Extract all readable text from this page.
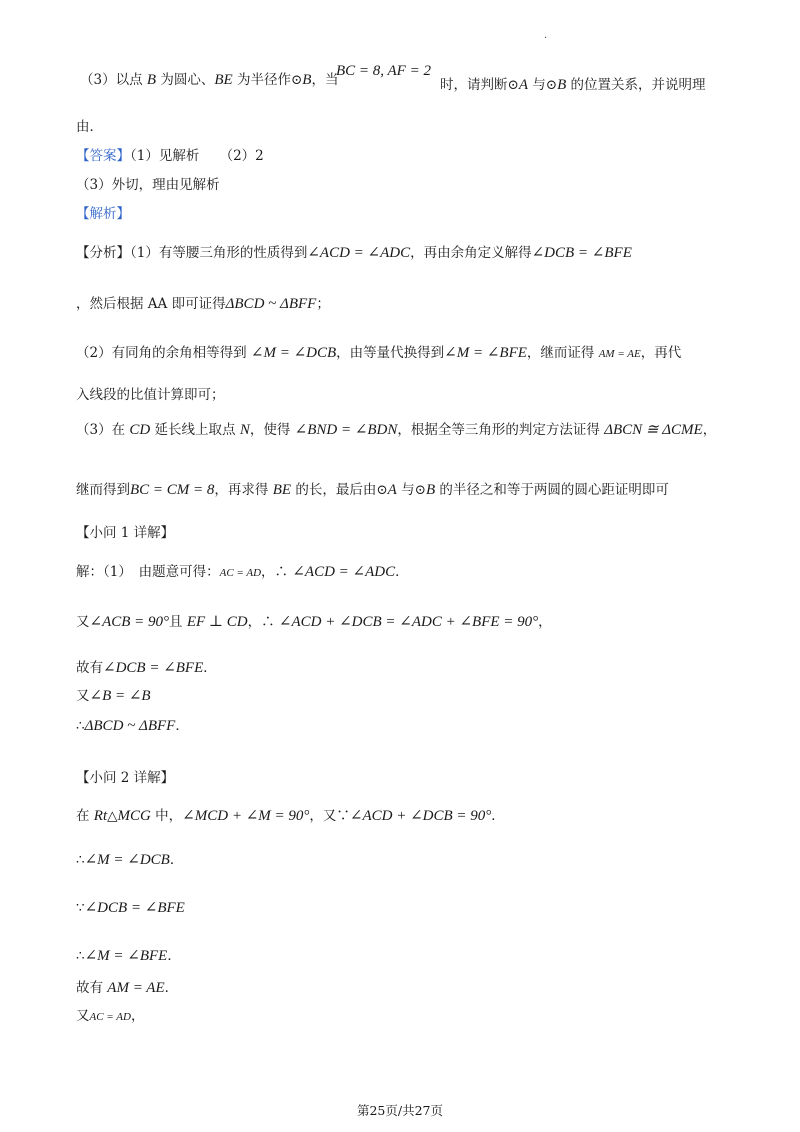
.
（3）以点 B 为圆心、BE 为半径作⊙B，当
BC = 8, AF = 2
时，请判断⊙A 与⊙B 的位置关系，并说明理
由．
【答案】（1）见解析　　（2）2
（3）外切，理由见解析
【解析】
【分析】（1）有等腰三角形的性质得到∠ACD = ∠ADC，再由余角定义解得∠DCB = ∠BFE
，然后根据 AA 即可证得ΔBCD ~ ΔBFF；
（2）有同角的余角相等得到 ∠M = ∠DCB，由等量代换得到∠M = ∠BFE，继而证得 AM = AE，再代
入线段的比值计算即可；
（3）在 CD 延长线上取点 N，使得 ∠BND = ∠BDN，根据全等三角形的判定方法证得 ΔBCN ≅ ΔCME，
继而得到BC = CM = 8，再求得 BE 的长，最后由⊙A 与⊙B 的半径之和等于两圆的圆心距证明即可
【小问 1 详解】
解：（1）　由题意可得：AC = AD，∴ ∠ACD = ∠ADC．
又∠ACB = 90°且 EF ⊥ CD，∴ ∠ACD + ∠DCB = ∠ADC + ∠BFE = 90°，
故有∠DCB = ∠BFE．
又∠B = ∠B
∴ΔBCD ~ ΔBFF．
【小问 2 详解】
在 Rt△MCG 中，∠MCD + ∠M = 90°，又∵∠ACD + ∠DCB = 90°．
∴∠M = ∠DCB．
∵∠DCB = ∠BFE
∴∠M = ∠BFE．
故有 AM = AE．
又AC = AD，
第25页/共27页
